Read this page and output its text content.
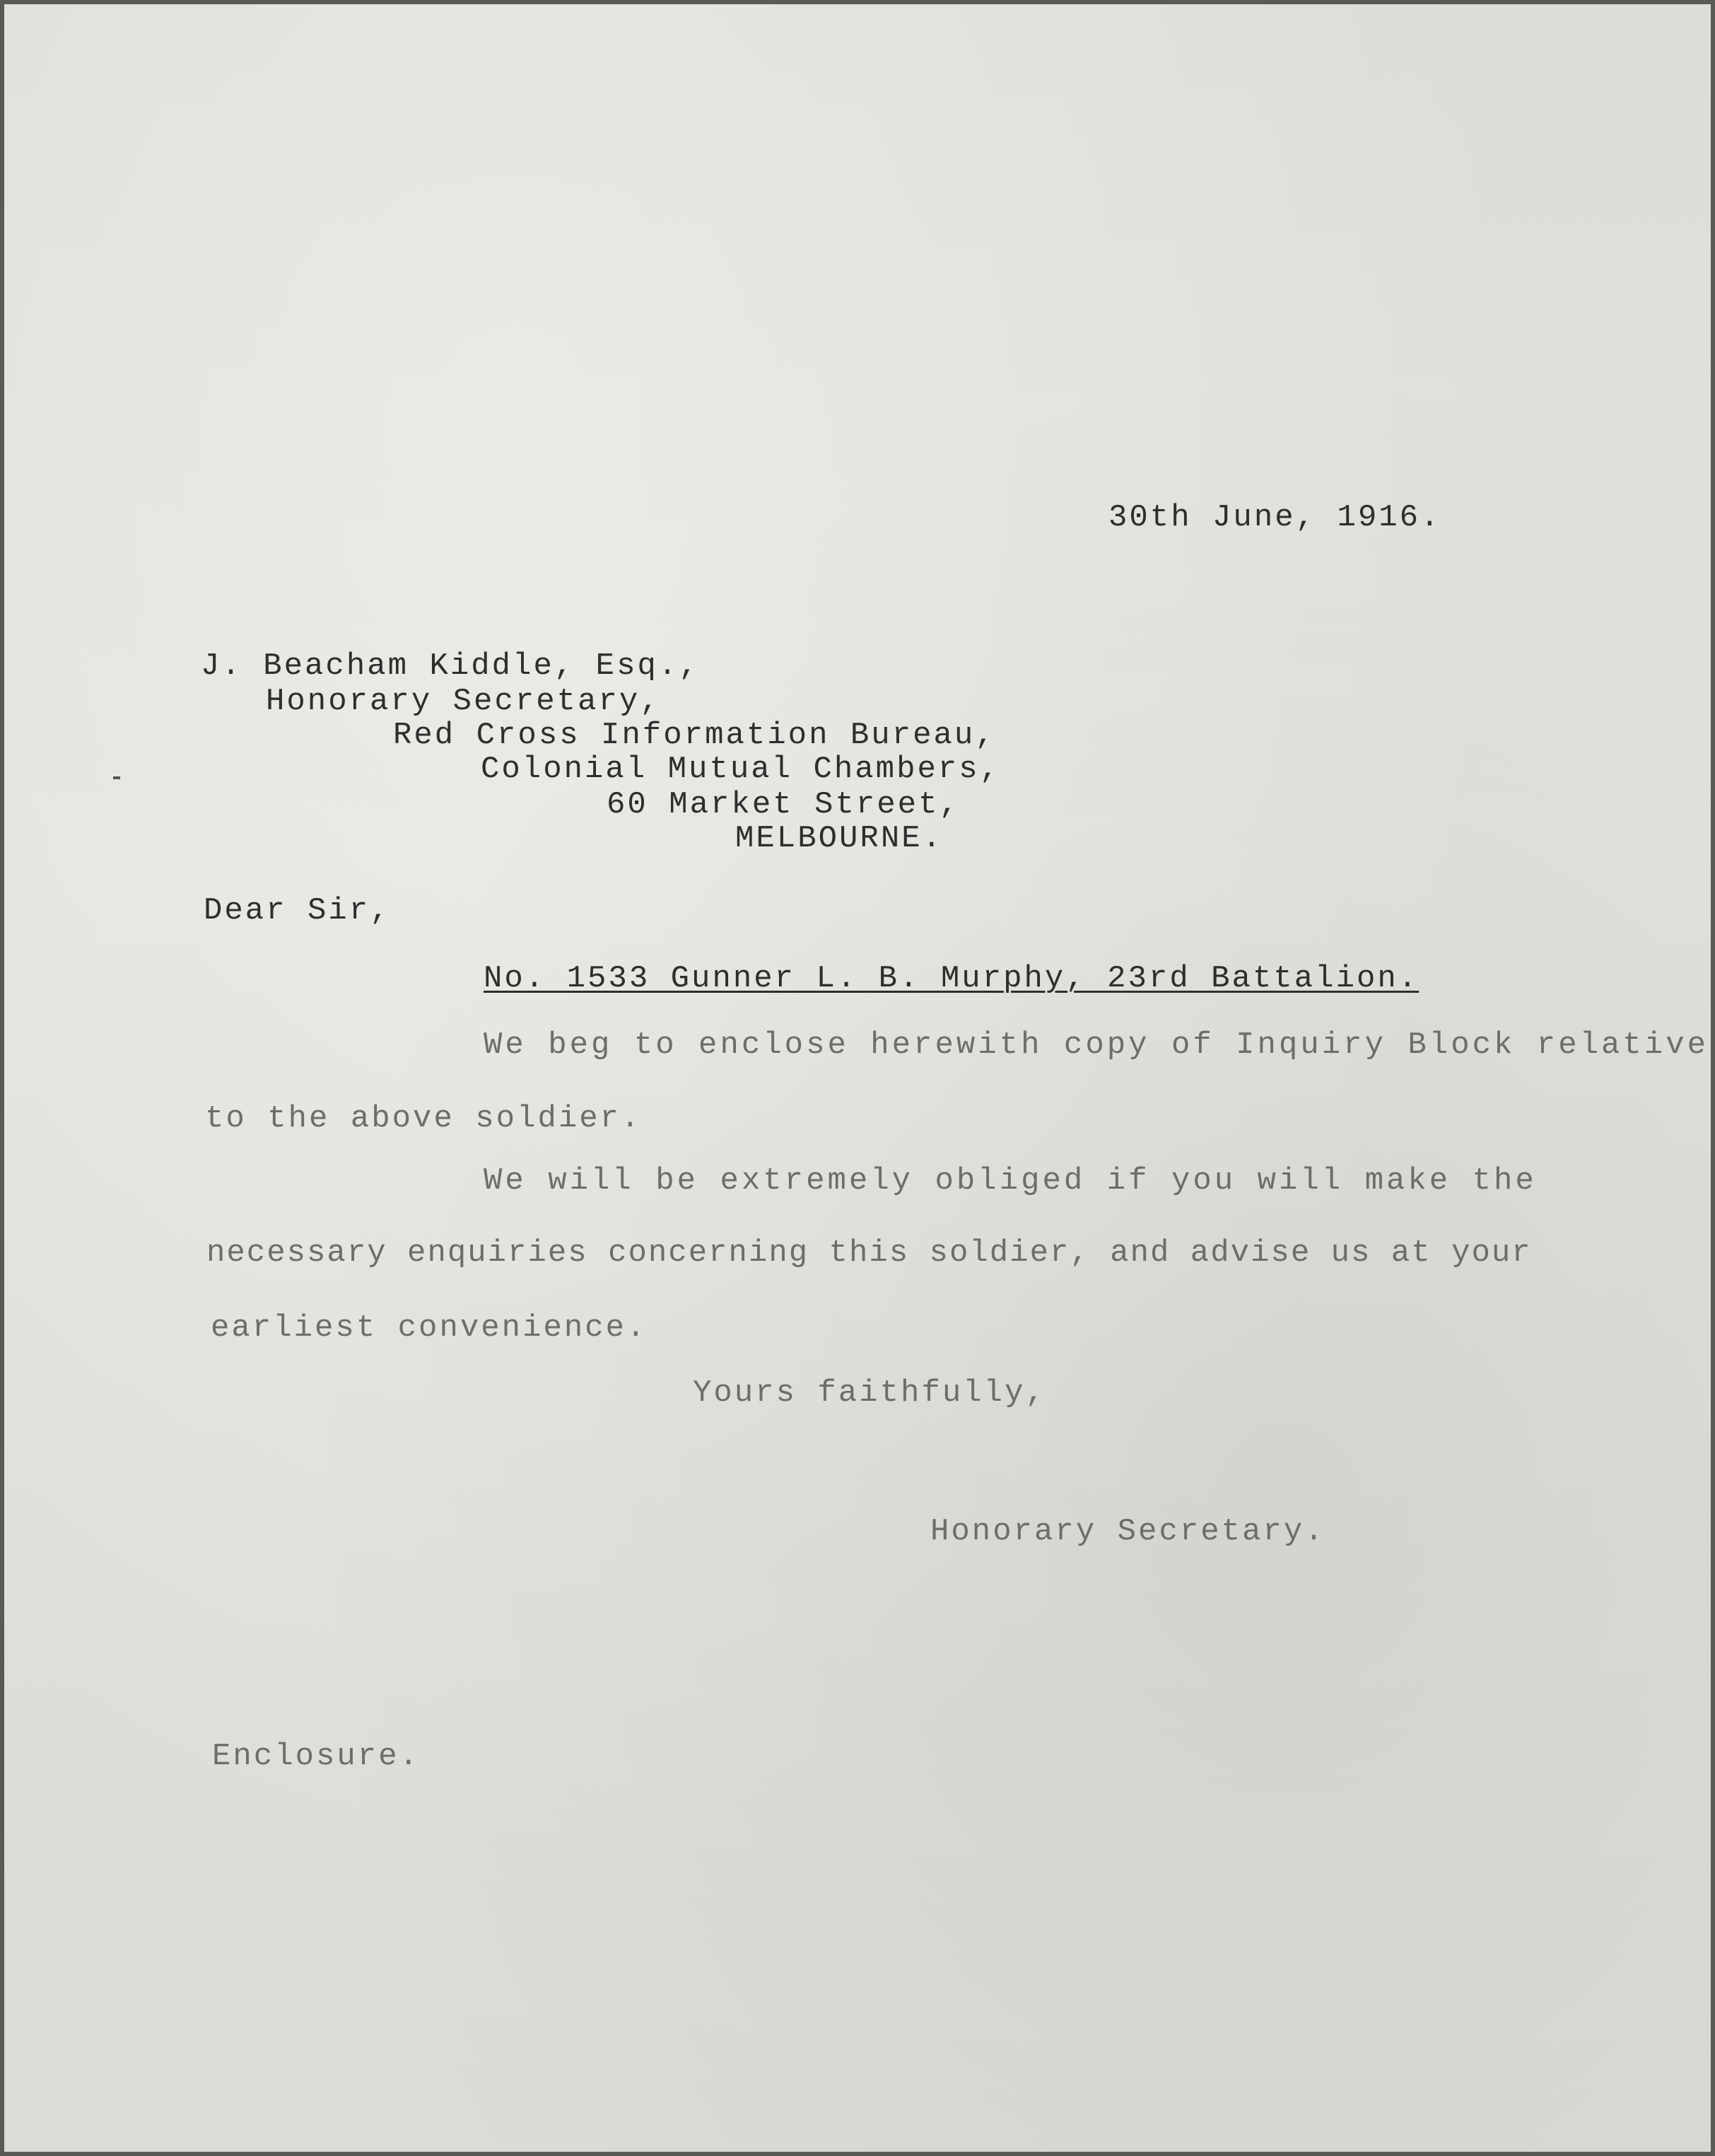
30th June, 1916.
J. Beacham Kiddle, Esq.,
Honorary Secretary,
Red Cross Information Bureau,
Colonial Mutual Chambers,
60 Market Street,
MELBOURNE.
Dear Sir,
No. 1533 Gunner L. B. Murphy, 23rd Battalion.
We beg to enclose herewith copy of Inquiry Block relative
to the above soldier.
We will be extremely obliged if you will make the
necessary enquiries concerning this soldier, and advise us at your
earliest convenience.
Yours faithfully,
Honorary Secretary.
Enclosure.
